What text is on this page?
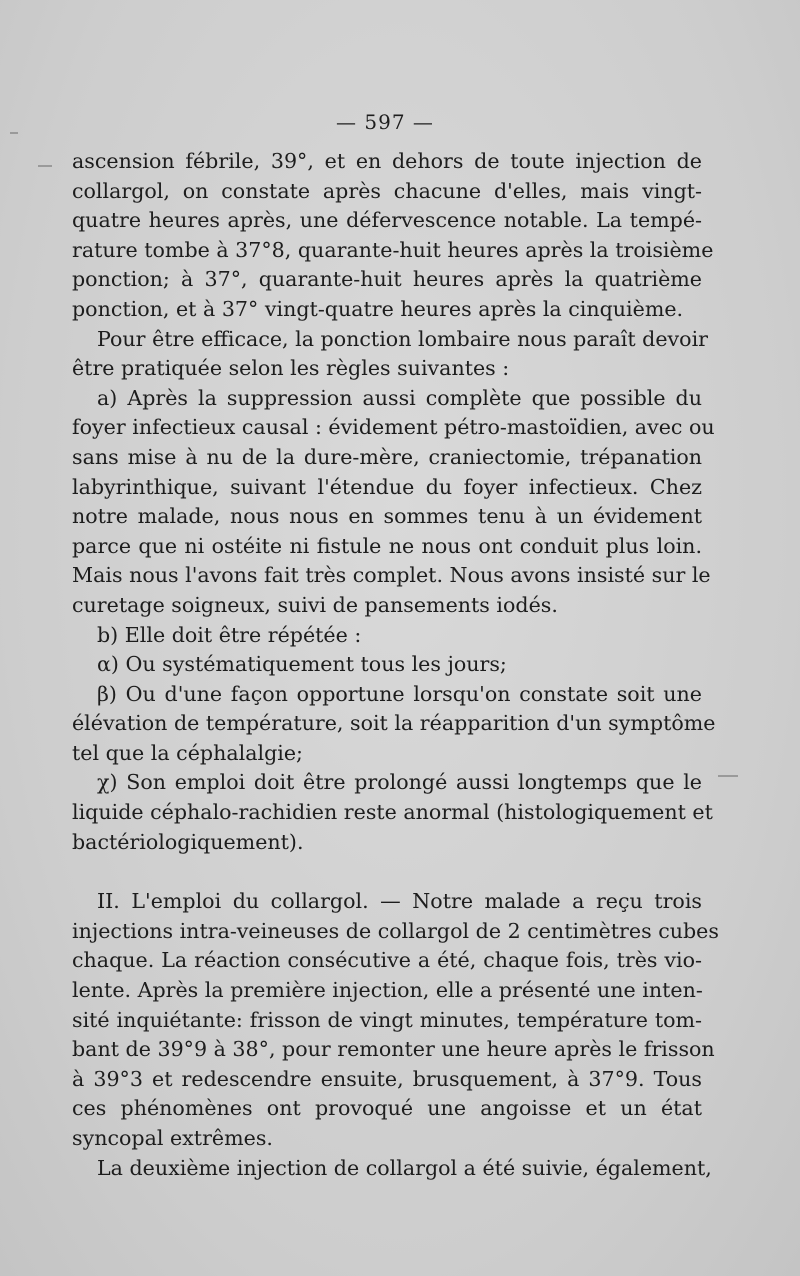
— 597 —
ascension fébrile, 39°, et en dehors de toute injection de
collargol, on constate après chacune d'elles, mais vingt-
quatre heures après, une défervescence notable. La tempé-
rature tombe à 37°8, quarante-huit heures après la troisième
ponction; à 37°, quarante-huit heures après la quatrième
ponction, et à 37° vingt-quatre heures après la cinquième.
Pour être efficace, la ponction lombaire nous paraît devoir
être pratiquée selon les règles suivantes :
a) Après la suppression aussi complète que possible du
foyer infectieux causal : évidement pétro-mastoïdien, avec ou
sans mise à nu de la dure-mère, craniectomie, trépanation
labyrinthique, suivant l'étendue du foyer infectieux. Chez
notre malade, nous nous en sommes tenu à un évidement
parce que ni ostéite ni fistule ne nous ont conduit plus loin.
Mais nous l'avons fait très complet. Nous avons insisté sur le
curetage soigneux, suivi de pansements iodés.
b) Elle doit être répétée :
α) Ou systématiquement tous les jours;
β) Ou d'une façon opportune lorsqu'on constate soit une
élévation de température, soit la réapparition d'un symptôme
tel que la céphalalgie;
χ) Son emploi doit être prolongé aussi longtemps que le
liquide céphalo-rachidien reste anormal (histologiquement et
bactériologiquement).
II. L'emploi du collargol. — Notre malade a reçu trois
injections intra-veineuses de collargol de 2 centimètres cubes
chaque. La réaction consécutive a été, chaque fois, très vio-
lente. Après la première injection, elle a présenté une inten-
sité inquiétante: frisson de vingt minutes, température tom-
bant de 39°9 à 38°, pour remonter une heure après le frisson
à 39°3 et redescendre ensuite, brusquement, à 37°9. Tous
ces phénomènes ont provoqué une angoisse et un état
syncopal extrêmes.
La deuxième injection de collargol a été suivie, également,
